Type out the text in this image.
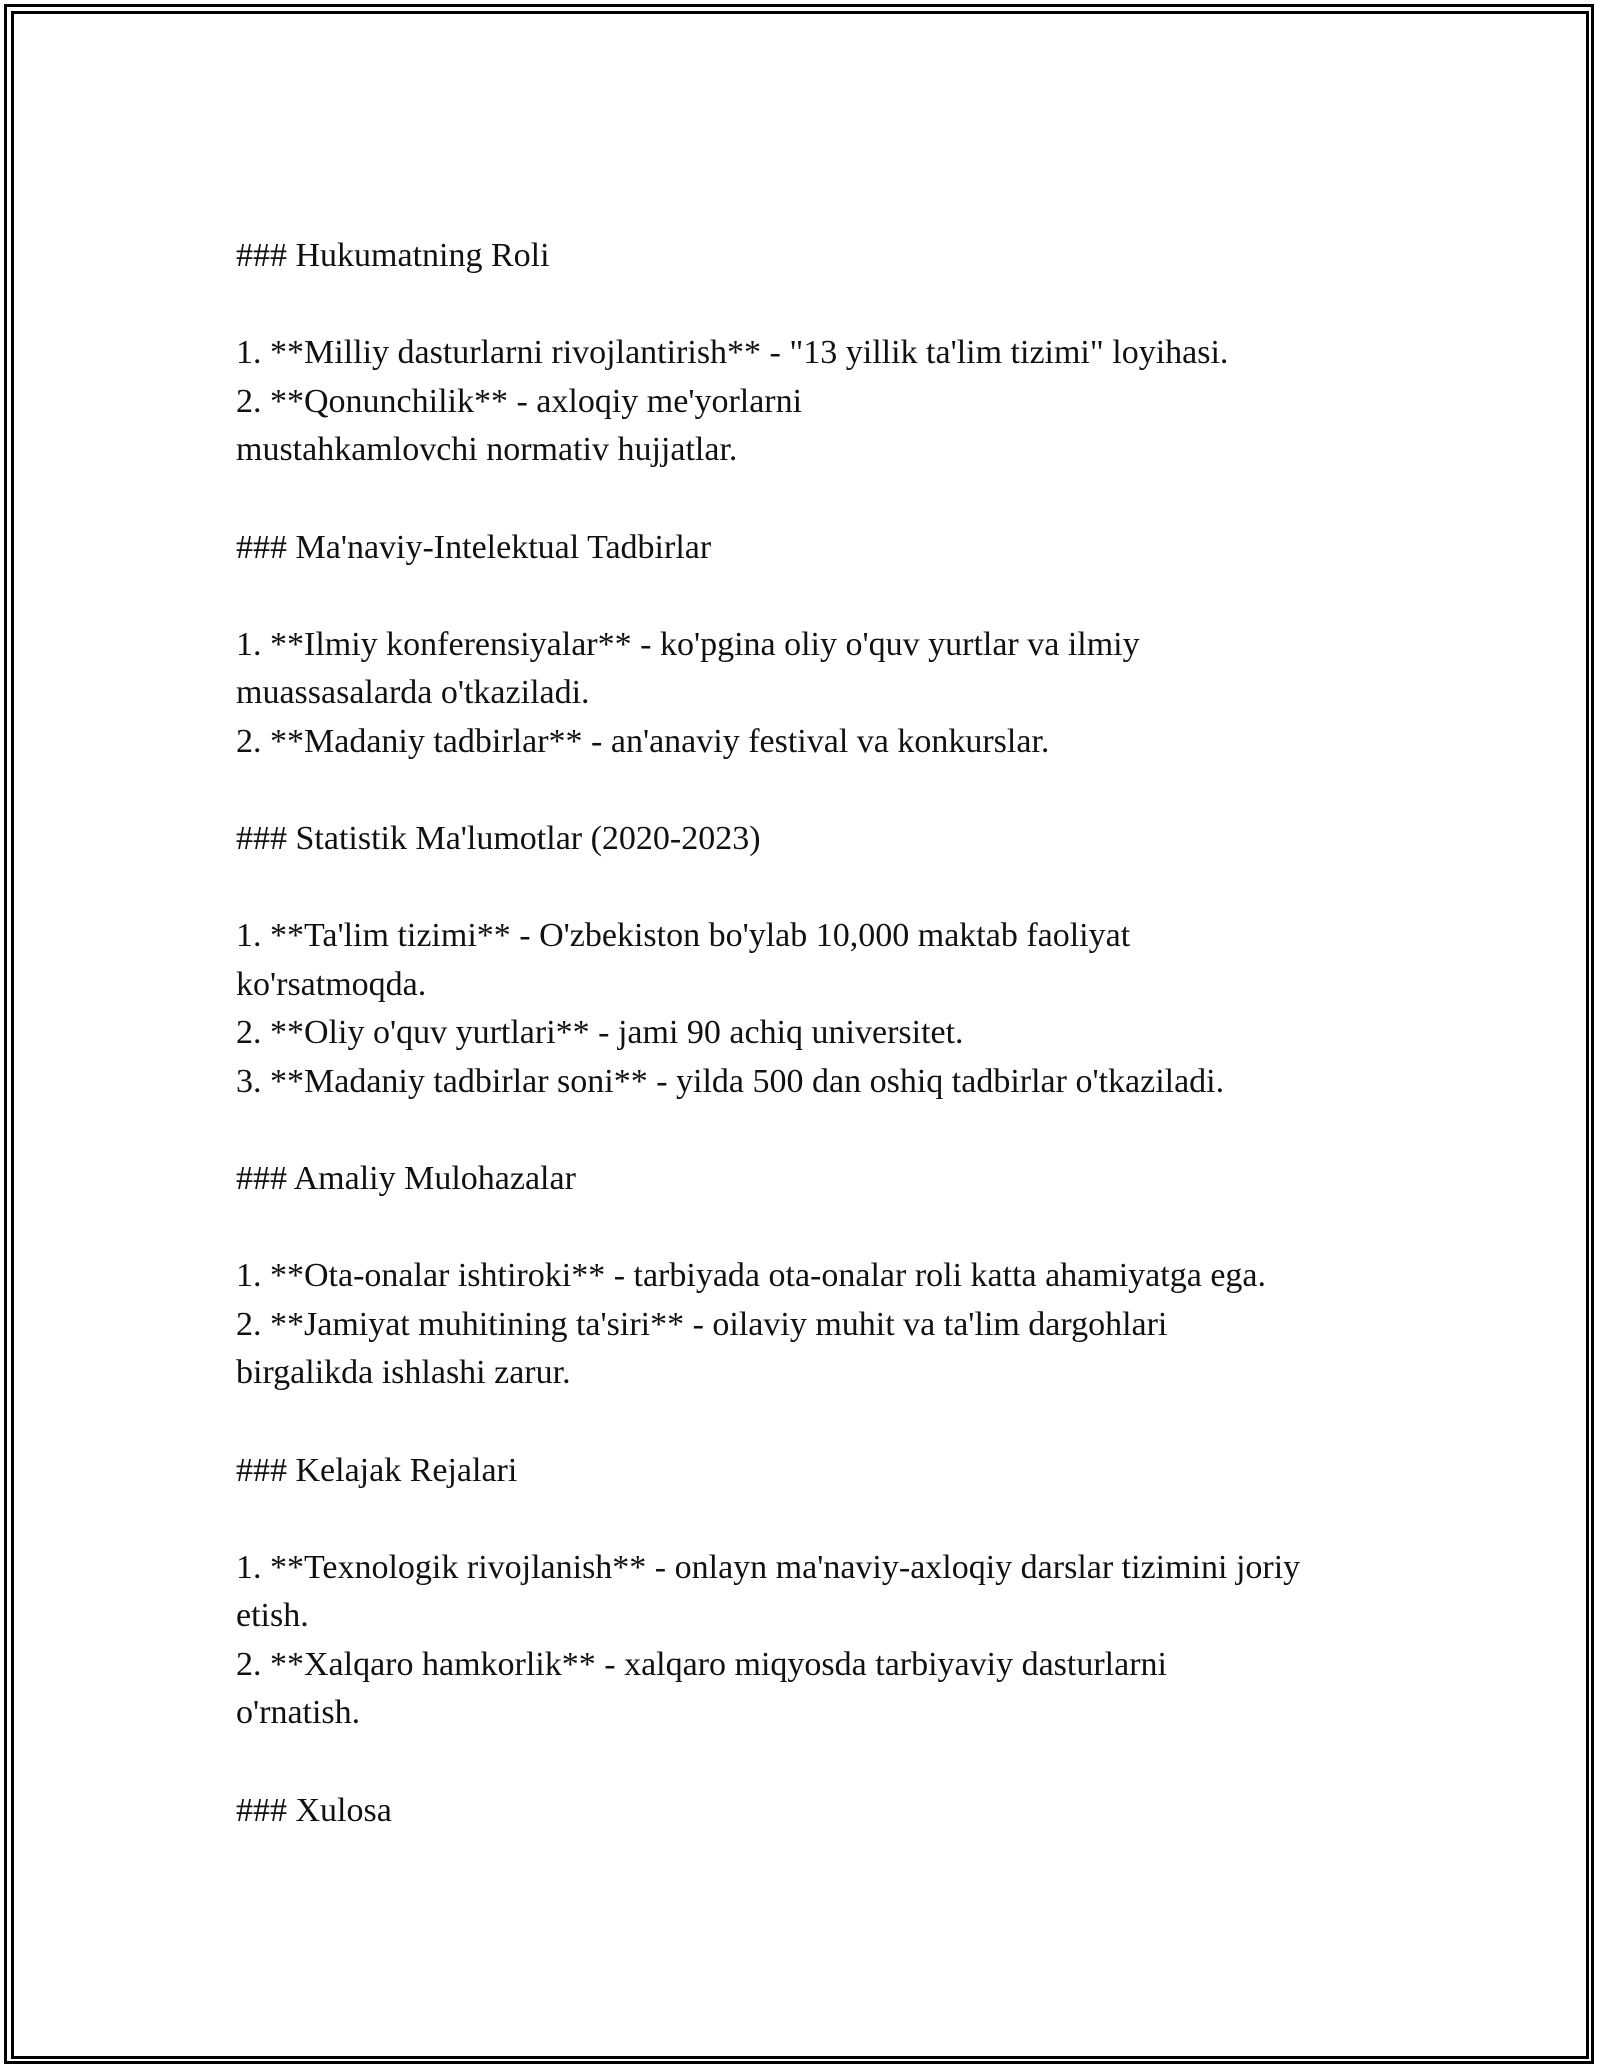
### Hukumatning Roli

1. **Milliy dasturlarni rivojlantirish** - "13 yillik ta'lim tizimi" loyihasi.
2. **Qonunchilik** - axloqiy me'yorlarni mustahkamlovchi normativ hujjatlar.

### Ma'naviy-Intelektual Tadbirlar

1. **Ilmiy konferensiyalar** - ko'pgina oliy o'quv yurtlar va ilmiy muassasalarda o'tkaziladi.
2. **Madaniy tadbirlar** - an'anaviy festival va konkurslar.

### Statistik Ma'lumotlar (2020-2023)

1. **Ta'lim tizimi** - O'zbekiston bo'ylab 10,000 maktab faoliyat ko'rsatmoqda.
2. **Oliy o'quv yurtlari** - jami 90 achiq universitet.
3. **Madaniy tadbirlar soni** - yilda 500 dan oshiq tadbirlar o'tkaziladi.

### Amaliy Mulohazalar

1. **Ota-onalar ishtiroki** - tarbiyada ota-onalar roli katta ahamiyatga ega.
2. **Jamiyat muhitining ta'siri** - oilaviy muhit va ta'lim dargohlari birgalikda ishlashi zarur.

### Kelajak Rejalari

1. **Texnologik rivojlanish** - onlayn ma'naviy-axloqiy darslar tizimini joriy etish.
2. **Xalqaro hamkorlik** - xalqaro miqyosda tarbiyaviy dasturlarni o'rnatish.

### Xulosa
